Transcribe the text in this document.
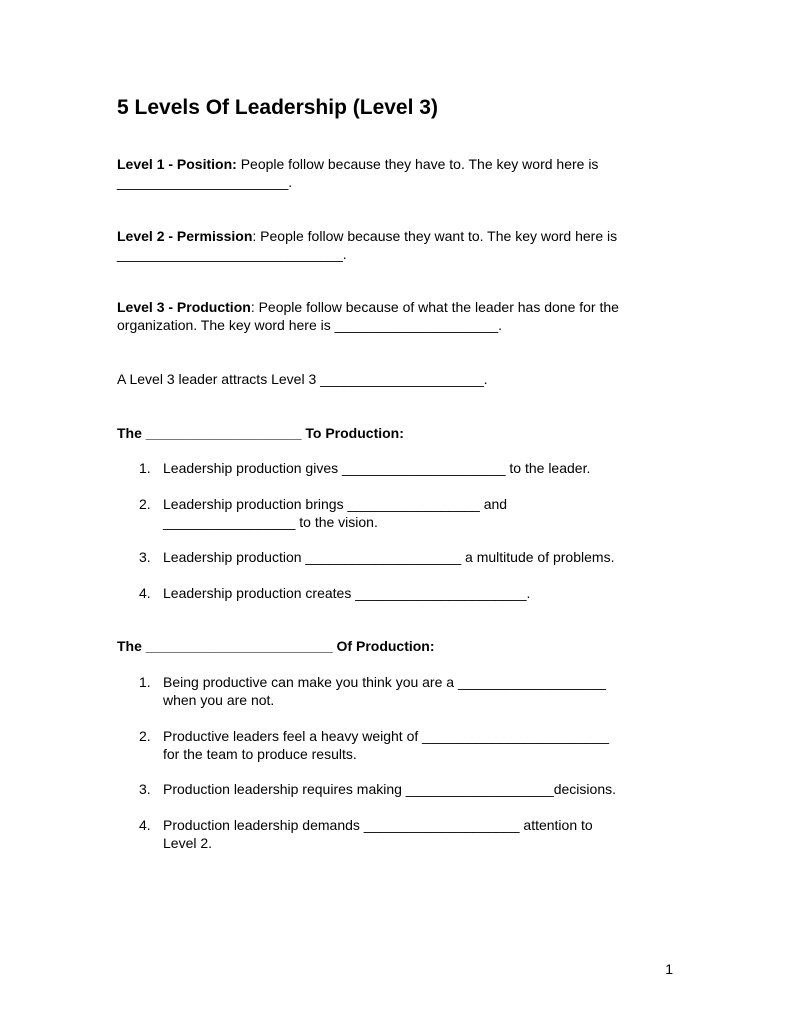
5 Levels Of Leadership (Level 3)
Level 1 - Position: People follow because they have to. The key word here is
______________________.
Level 2 - Permission: People follow because they want to. The key word here is
_____________________________.
Level 3 - Production: People follow because of what the leader has done for the
organization. The key word here is _____________________.
A Level 3 leader attracts Level 3 _____________________.
The ____________________ To Production:
1. Leadership production gives _____________________ to the leader.
2. Leadership production brings _________________ and
_________________ to the vision.
3. Leadership production ____________________ a multitude of problems.
4. Leadership production creates ______________________.
The ________________________ Of Production:
1. Being productive can make you think you are a ___________________
when you are not.
2. Productive leaders feel a heavy weight of ________________________
for the team to produce results.
3. Production leadership requires making ___________________decisions.
4. Production leadership demands ____________________ attention to
Level 2.
1
